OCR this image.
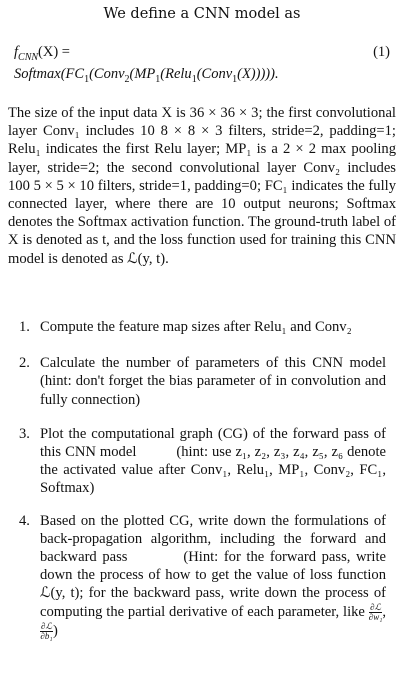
We define a CNN model as
$f_{CNN}(X)$ =	(1)
$Softmax(FC_1(Conv_2(MP_1(Relu_1(Conv_1(X)))))$.
The size of the input data X is 36 × 36 × 3; the first convolutional layer Conv₁ includes 10 8 × 8 × 3 filters, stride=2, padding=1; Relu₁ indicates the first Relu layer; MP₁ is a 2 × 2 max pooling layer, stride=2; the second convolutional layer Conv₂ includes 100 5 × 5 × 10 filters, stride=1, padding=0; FC₁ indicates the fully connected layer, where there are 10 output neurons; Softmax denotes the Softmax activation function. The ground-truth label of X is denoted as t, and the loss function used for training this CNN model is denoted as ℒ(y, t).
1. Compute the feature map sizes after Relu₁ and Conv₂
2. Calculate the number of parameters of this CNN model (hint: don't forget the bias parameter of in convolution and fully connection)
3. Plot the computational graph (CG) of the forward pass of this CNN model          (hint: use z₁, z₂, z₃, z₄, z₅, z₆ denote the activated value after Conv₁, Relu₁, MP₁, Conv₂, FC₁, Softmax)
4. Based on the plotted CG, write down the formulations of back-propagation algorithm, including the forward and backward pass          (Hint: for the forward pass, write down the process of how to get the value of loss function ℒ(y, t); for the backward pass, write down the process of computing the partial derivative of each parameter, like $\frac{\text{∂ℒ}}{\text{∂w₁}}$ ,
$\frac{\text{∂ℒ}}{\text{∂b₁}}$ )
